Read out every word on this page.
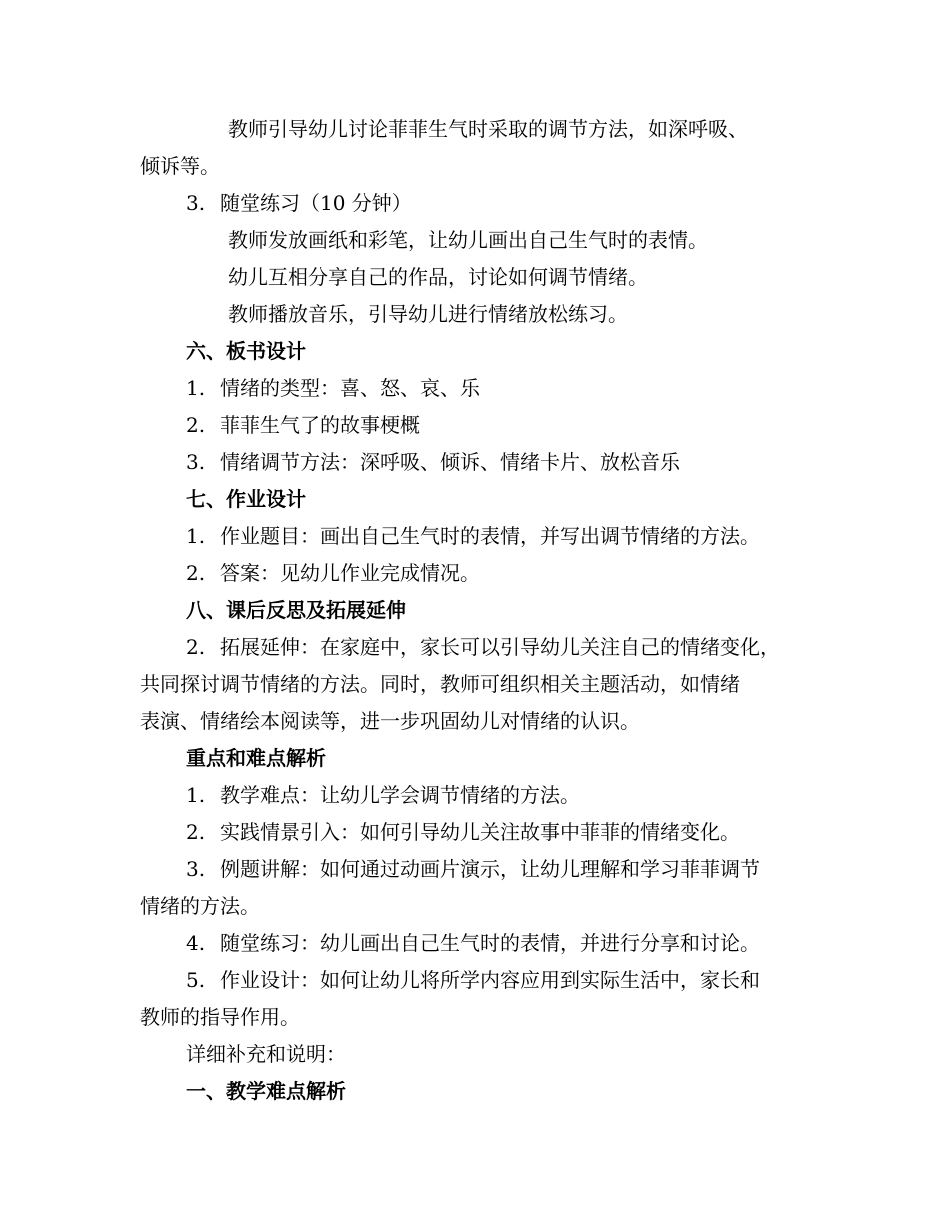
教师引导幼儿讨论菲菲生气时采取的调节方法，如深呼吸、
倾诉等。
3. 随堂练习（10 分钟）
教师发放画纸和彩笔，让幼儿画出自己生气时的表情。
幼儿互相分享自己的作品，讨论如何调节情绪。
教师播放音乐，引导幼儿进行情绪放松练习。
六、板书设计
1. 情绪的类型：喜、怒、哀、乐
2. 菲菲生气了的故事梗概
3. 情绪调节方法：深呼吸、倾诉、情绪卡片、放松音乐
七、作业设计
1. 作业题目：画出自己生气时的表情，并写出调节情绪的方法。
2. 答案：见幼儿作业完成情况。
八、课后反思及拓展延伸
2. 拓展延伸：在家庭中，家长可以引导幼儿关注自己的情绪变化，
共同探讨调节情绪的方法。同时，教师可组织相关主题活动，如情绪
表演、情绪绘本阅读等，进一步巩固幼儿对情绪的认识。
重点和难点解析
1. 教学难点：让幼儿学会调节情绪的方法。
2. 实践情景引入：如何引导幼儿关注故事中菲菲的情绪变化。
3. 例题讲解：如何通过动画片演示，让幼儿理解和学习菲菲调节
情绪的方法。
4. 随堂练习：幼儿画出自己生气时的表情，并进行分享和讨论。
5. 作业设计：如何让幼儿将所学内容应用到实际生活中，家长和
教师的指导作用。
详细补充和说明：
一、教学难点解析
